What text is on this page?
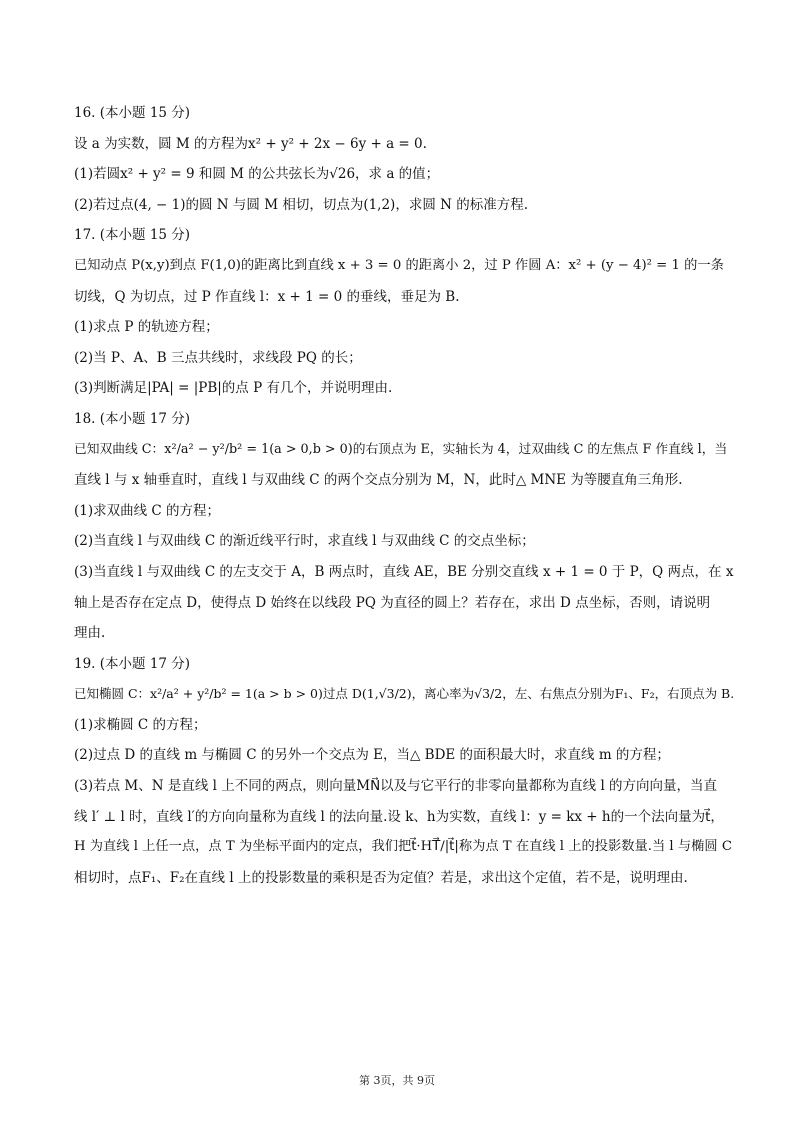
16. (本小题 15 分)
设 a 为实数，圆 M 的方程为x² + y² + 2x − 6y + a = 0.
(1)若圆x² + y² = 9 和圆 M 的公共弦长为√26，求 a 的值；
(2)若过点(4, − 1)的圆 N 与圆 M 相切，切点为(1,2)，求圆 N 的标准方程.
17. (本小题 15 分)
已知动点 P(x,y)到点 F(1,0)的距离比到直线 x + 3 = 0 的距离小 2，过 P 作圆 A：x² + (y − 4)² = 1 的一条
切线，Q 为切点，过 P 作直线 l：x + 1 = 0 的垂线，垂足为 B.
(1)求点 P 的轨迹方程；
(2)当 P、A、B 三点共线时，求线段 PQ 的长；
(3)判断满足|PA| = |PB|的点 P 有几个，并说明理由.
18. (本小题 17 分)
已知双曲线 C：x²/a² − y²/b² = 1(a > 0,b > 0)的右顶点为 E，实轴长为 4，过双曲线 C 的左焦点 F 作直线 l，当
直线 l 与 x 轴垂直时，直线 l 与双曲线 C 的两个交点分别为 M，N，此时△ MNE 为等腰直角三角形.
(1)求双曲线 C 的方程；
(2)当直线 l 与双曲线 C 的渐近线平行时，求直线 l 与双曲线 C 的交点坐标；
(3)当直线 l 与双曲线 C 的左支交于 A，B 两点时，直线 AE，BE 分别交直线 x + 1 = 0 于 P，Q 两点，在 x
轴上是否存在定点 D，使得点 D 始终在以线段 PQ 为直径的圆上？若存在，求出 D 点坐标，否则，请说明
理由.
19. (本小题 17 分)
已知椭圆 C：x²/a² + y²/b² = 1(a > b > 0)过点 D(1,√3/2)，离心率为√3/2，左、右焦点分别为F₁、F₂，右顶点为 B.
(1)求椭圆 C 的方程；
(2)过点 D 的直线 m 与椭圆 C 的另外一个交点为 E，当△ BDE 的面积最大时，求直线 m 的方程；
(3)若点 M、N 是直线 l 上不同的两点，则向量MN⃗以及与它平行的非零向量都称为直线 l 的方向向量，当直
线 l′ ⊥ l 时，直线 l′的方向向量称为直线 l 的法向量.设 k、h为实数，直线 l：y = kx + h的一个法向量为t⃗，
H 为直线 l 上任一点，点 T 为坐标平面内的定点，我们把t⃗·HT⃗/|t⃗|称为点 T 在直线 l 上的投影数量.当 l 与椭圆 C
相切时，点F₁、F₂在直线 l 上的投影数量的乘积是否为定值？若是，求出这个定值，若不是，说明理由.
第 3页，共 9页
